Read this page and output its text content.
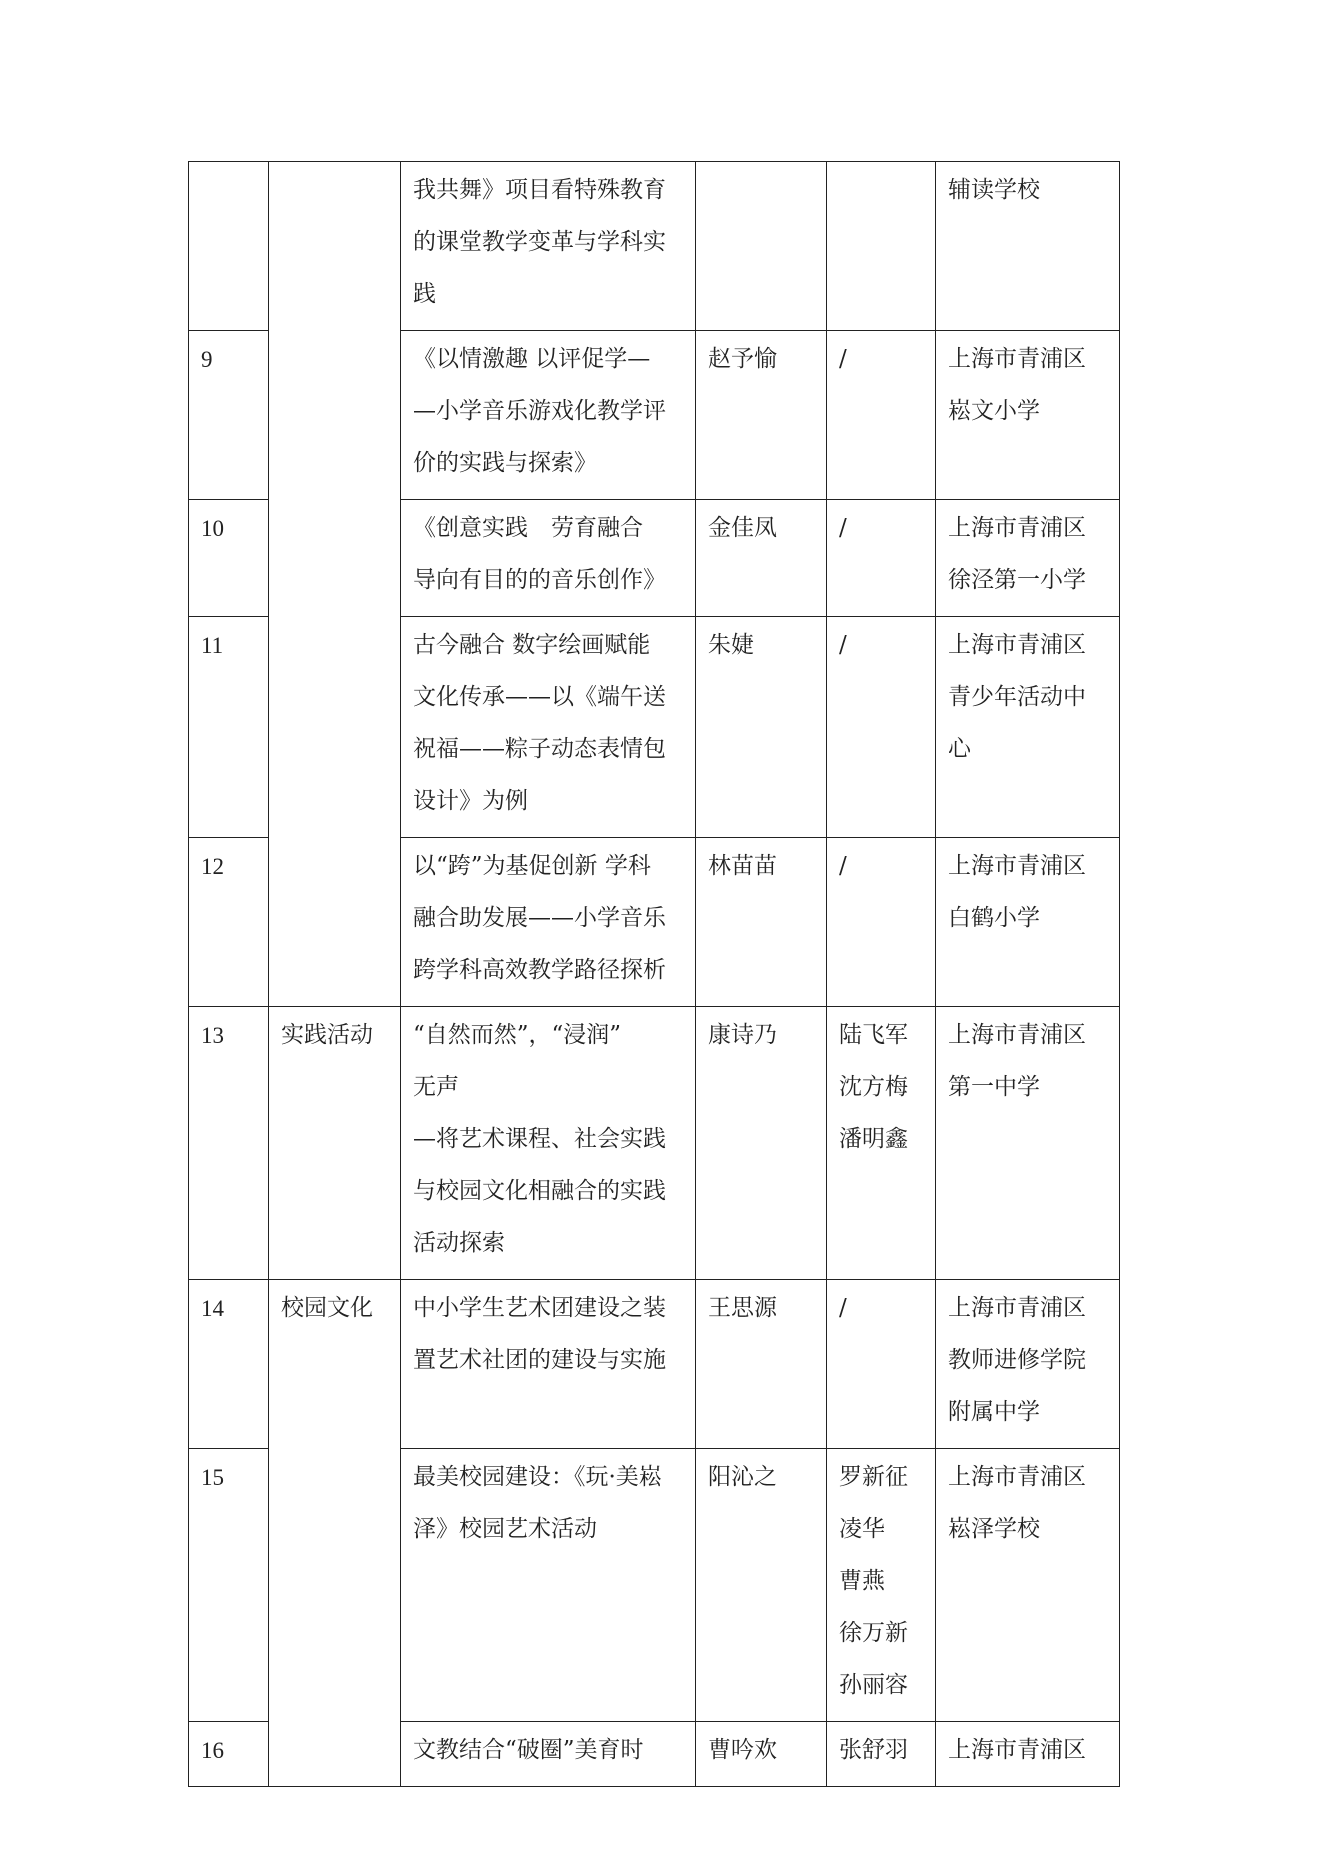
		我共舞》项目看特殊教育
的课堂教学变革与学科实
践			辅读学校

9		《以情激趣 以评促学—
—小学音乐游戏化教学评
价的实践与探索》	赵予愉	/	上海市青浦区
崧文小学

10		《创意实践　劳育融合
导向有目的的音乐创作》	金佳凤	/	上海市青浦区
徐泾第一小学

11		古今融合 数字绘画赋能
文化传承——以《端午送
祝福——粽子动态表情包
设计》为例	朱婕	/	上海市青浦区
青少年活动中
心

12		以“跨”为基促创新 学科
融合助发展——小学音乐
跨学科高效教学路径探析	林苗苗	/	上海市青浦区
白鹤小学

13	实践活动	“自然而然”，“浸润”
无声
—将艺术课程、社会实践
与校园文化相融合的实践
活动探索	康诗乃	陆飞军
沈方梅
潘明鑫	上海市青浦区
第一中学

14	校园文化	中小学生艺术团建设之装
置艺术社团的建设与实施	王思源	/	上海市青浦区
教师进修学院
附属中学

15		最美校园建设：《玩·美崧
泽》校园艺术活动	阳沁之	罗新征
凌华
曹燕
徐万新
孙丽容	上海市青浦区
崧泽学校

16		文教结合“破圈”美育时	曹吟欢	张舒羽	上海市青浦区
